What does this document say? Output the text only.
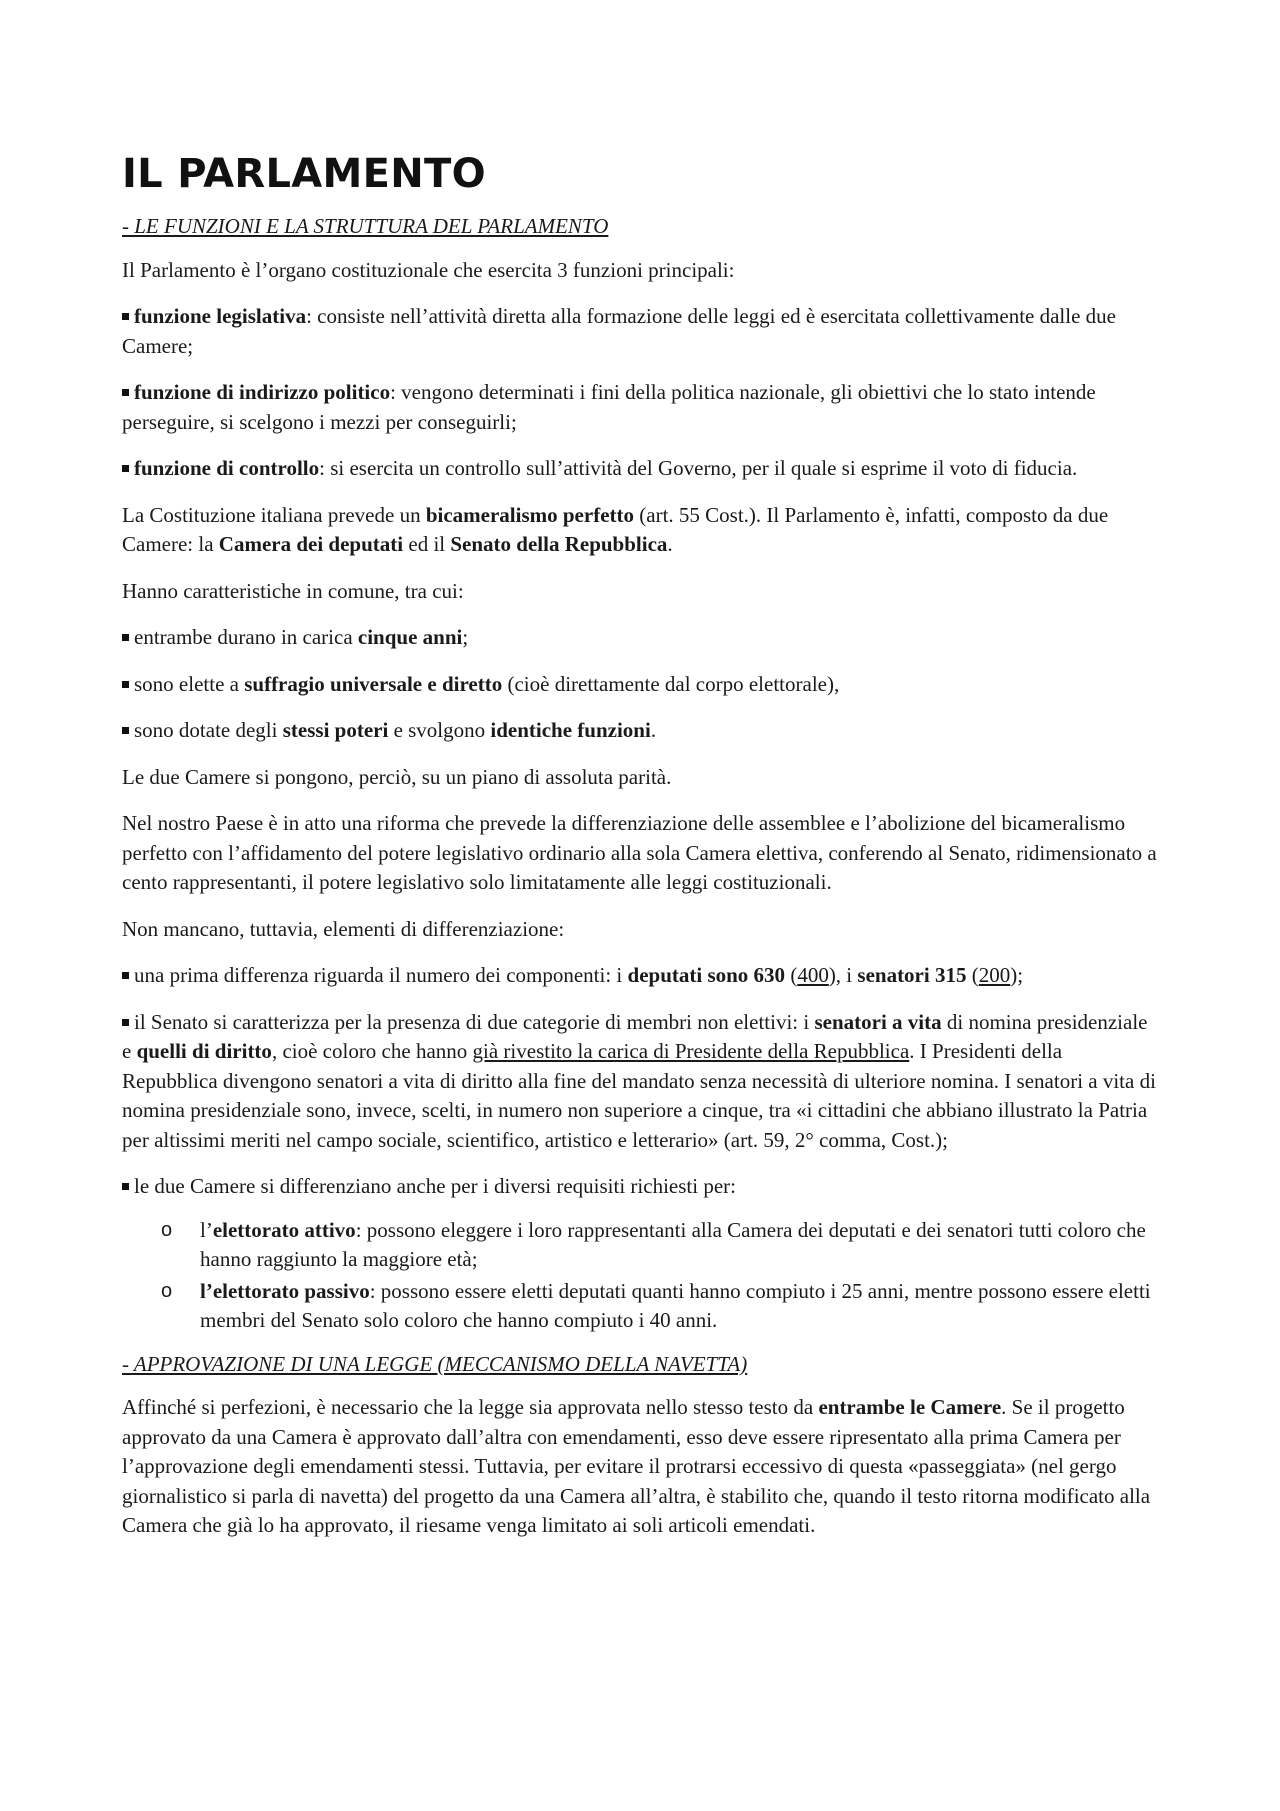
IL PARLAMENTO
- LE FUNZIONI E LA STRUTTURA DEL PARLAMENTO

Il Parlamento è l’organo costituzionale che esercita 3 funzioni principali:

funzione legislativa: consiste nell’attività diretta alla formazione delle leggi ed è esercitata collettivamente dalle due Camere;

funzione di indirizzo politico: vengono determinati i fini della politica nazionale, gli obiettivi che lo stato intende perseguire, si scelgono i mezzi per conseguirli;

funzione di controllo: si esercita un controllo sull’attività del Governo, per il quale si esprime il voto di fiducia.

La Costituzione italiana prevede un bicameralismo perfetto (art. 55 Cost.). Il Parlamento è, infatti, composto da due Camere: la Camera dei deputati ed il Senato della Repubblica.

Hanno caratteristiche in comune, tra cui:

entrambe durano in carica cinque anni;

sono elette a suffragio universale e diretto (cioè direttamente dal corpo elettorale),

sono dotate degli stessi poteri e svolgono identiche funzioni.

Le due Camere si pongono, perciò, su un piano di assoluta parità.

Nel nostro Paese è in atto una riforma che prevede la differenziazione delle assemblee e l’abolizione del bicameralismo perfetto con l’affidamento del potere legislativo ordinario alla sola Camera elettiva, conferendo al Senato, ridimensionato a cento rappresentanti, il potere legislativo solo limitatamente alle leggi costituzionali.

Non mancano, tuttavia, elementi di differenziazione:

una prima differenza riguarda il numero dei componenti: i deputati sono 630 (400), i senatori 315 (200);

il Senato si caratterizza per la presenza di due categorie di membri non elettivi: i senatori a vita di nomina presidenziale e quelli di diritto, cioè coloro che hanno già rivestito la carica di Presidente della Repubblica. I Presidenti della Repubblica divengono senatori a vita di diritto alla fine del mandato senza necessità di ulteriore nomina. I senatori a vita di nomina presidenziale sono, invece, scelti, in numero non superiore a cinque, tra «i cittadini che abbiano illustrato la Patria per altissimi meriti nel campo sociale, scientifico, artistico e letterario» (art. 59, 2° comma, Cost.);

le due Camere si differenziano anche per i diversi requisiti richiesti per:

o l’elettorato attivo: possono eleggere i loro rappresentanti alla Camera dei deputati e dei senatori tutti coloro che hanno raggiunto la maggiore età;
o l’elettorato passivo: possono essere eletti deputati quanti hanno compiuto i 25 anni, mentre possono essere eletti membri del Senato solo coloro che hanno compiuto i 40 anni.
- APPROVAZIONE DI UNA LEGGE (MECCANISMO DELLA NAVETTA)

Affinché si perfezioni, è necessario che la legge sia approvata nello stesso testo da entrambe le Camere. Se il progetto approvato da una Camera è approvato dall’altra con emendamenti, esso deve essere ripresentato alla prima Camera per l’approvazione degli emendamenti stessi. Tuttavia, per evitare il protrarsi eccessivo di questa «passeggiata» (nel gergo giornalistico si parla di navetta) del progetto da una Camera all’altra, è stabilito che, quando il testo ritorna modificato alla Camera che già lo ha approvato, il riesame venga limitato ai soli articoli emendati.
